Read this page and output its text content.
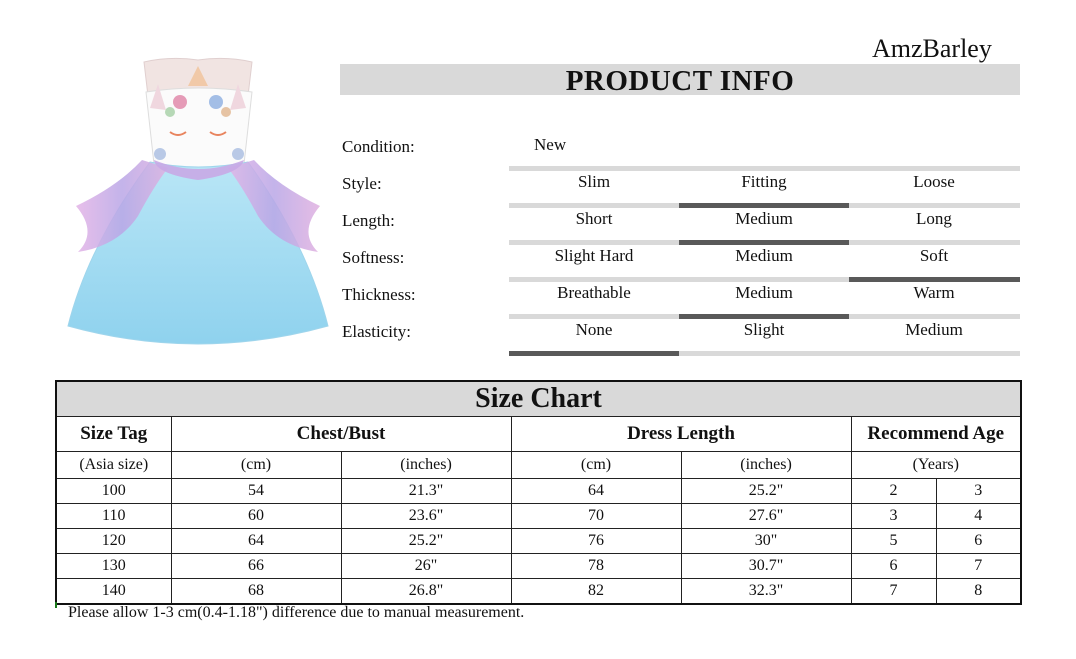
AmzBarley
PRODUCT INFO
Condition:	New
Style:	Slim	Fitting	Loose
Length:	Short	Medium	Long
Softness:	Slight Hard	Medium	Soft
Thickness:	Breathable	Medium	Warm
Elasticity:	None	Slight	Medium
Size Chart						
Size Tag	Chest/Bust		Dress Length		Recommend Age	
(Asia size)	(cm)	(inches)	(cm)	(inches)	(Years)	
100	54	21.3"	64	25.2"	2	3
110	60	23.6"	70	27.6"	3	4
120	64	25.2"	76	30"	5	6
130	66	26"	78	30.7"	6	7
140	68	26.8"	82	32.3"	7	8
Please allow 1-3 cm(0.4-1.18") difference due to manual measurement.
